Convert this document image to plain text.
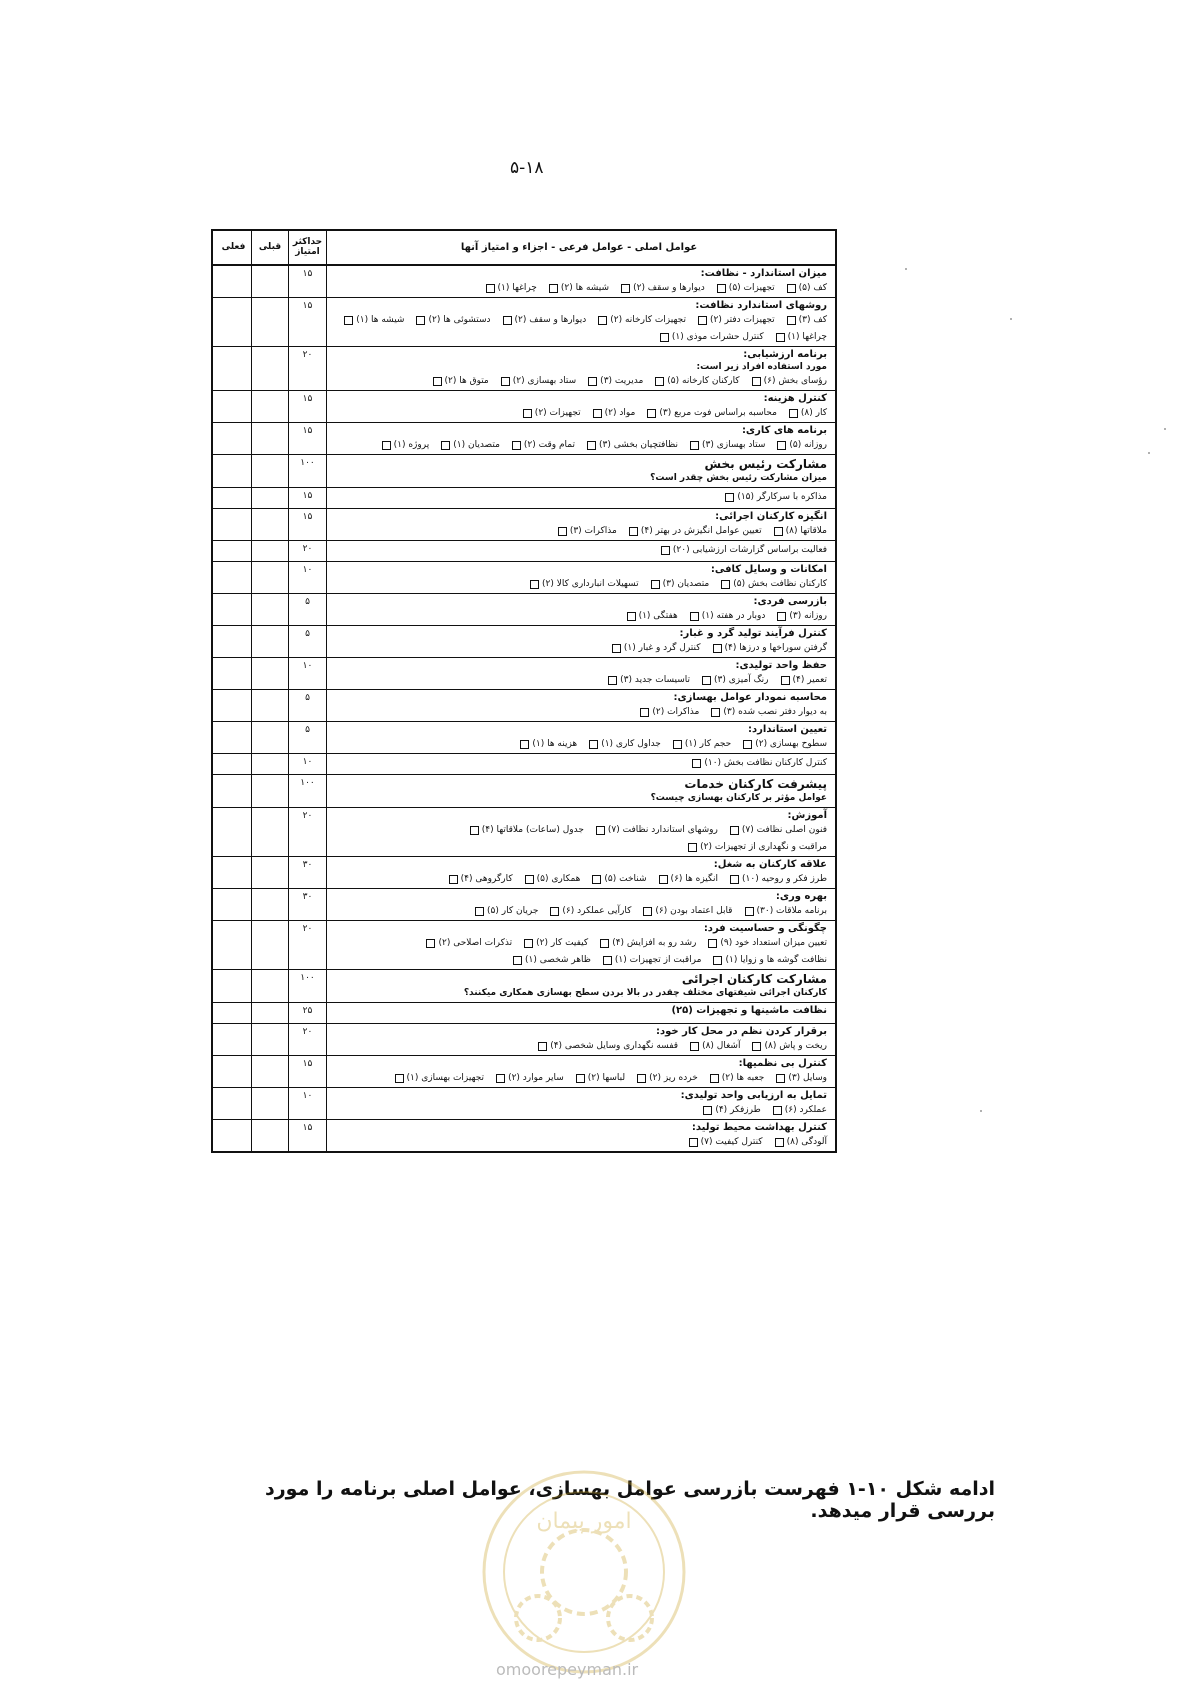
۵-۱۸
عوامل اصلی - عوامل فرعی - اجزاء و امتیاز آنها
حداکثر امتیاز
قبلی
فعلی
میزان استاندارد - نظافت:
کف (۵)
تجهیزات (۵)
دیوارها و سقف (۲)
شیشه ها (۲)
چراغها (۱)
۱۵
روشهای استاندارد نظافت:
کف (۳)
تجهیزات دفتر (۲)
تجهیزات کارخانه (۲)
دیوارها و سقف (۲)
دستشوئی ها (۲)
شیشه ها (۱)
چراغها (۱)
کنترل حشرات موذی (۱)
۱۵
برنامه ارزشیابی:
مورد استفاده افراد زیر است:
رؤسای بخش (۶)
کارکنان کارخانه (۵)
مدیریت (۳)
ستاد بهسازی (۲)
متوق ها (۲)
۲۰
کنترل هزینه:
کار (۸)
محاسبه براساس فوت مربع (۳)
مواد (۲)
تجهیزات (۲)
۱۵
برنامه های کاری:
روزانه (۵)
ستاد بهسازی (۳)
نظافتچیان بخشی (۳)
تمام وقت (۲)
متصدیان (۱)
پروژه (۱)
۱۵
مشارکت رئیس بخش
میزان مشارکت رئیس بخش چقدر است؟
۱۰۰
مذاکره با سرکارگر (۱۵)
۱۵
انگیزه کارکنان اجرائی:
ملاقاتها (۸)
تعیین عوامل انگیزش در بهتر (۴)
مذاکرات (۳)
۱۵
فعالیت براساس گزارشات ارزشیابی (۲۰)
۲۰
امکانات و وسایل کافی:
کارکنان نظافت بخش (۵)
متصدیان (۳)
تسهیلات انبارداری کالا (۲)
۱۰
بازرسی فردی:
روزانه (۳)
دوبار در هفته (۱)
هفتگی (۱)
۵
کنترل فرآیند تولید گرد و غبار:
گرفتن سوراخها و درزها (۴)
کنترل گرد و غبار (۱)
۵
حفظ واحد تولیدی:
تعمیر (۴)
رنگ آمیزی (۳)
تاسیسات جدید (۳)
۱۰
محاسبه نمودار عوامل بهسازی:
به دیوار دفتر نصب شده (۳)
مذاکرات (۲)
۵
تعیین استاندارد:
سطوح بهسازی (۲)
حجم کار (۱)
جداول کاری (۱)
هزینه ها (۱)
۵
کنترل کارکنان نظافت بخش (۱۰)
۱۰
پیشرفت کارکنان خدمات
عوامل مؤثر بر کارکنان بهسازی چیست؟
۱۰۰
آموزش:
فنون اصلی نظافت (۷)
روشهای استاندارد نظافت (۷)
جدول (ساعات) ملاقاتها (۴)
مراقبت و نگهداری از تجهیزات (۲)
۲۰
علاقه کارکنان به شغل:
طرز فکر و روحیه (۱۰)
انگیزه ها (۶)
شناخت (۵)
همکاری (۵)
کارگروهی (۴)
۳۰
بهره وری:
برنامه ملاقات (۳۰)
قابل اعتماد بودن (۶)
کارآیی عملکرد (۶)
جریان کار (۵)
۳۰
چگونگی و حساسیت فرد:
تعیین میزان استعداد خود (۹)
رشد رو به افزایش (۴)
کیفیت کار (۲)
تذکرات اصلاحی (۲)
نظافت گوشه ها و زوایا (۱)
مراقبت از تجهیزات (۱)
ظاهر شخصی (۱)
۲۰
مشارکت کارکنان اجرائی
کارکنان اجرائی شیفتهای مختلف چقدر در بالا بردن سطح بهسازی همکاری میکنند؟
۱۰۰
نظافت ماشینها و تجهیزات (۲۵)
۲۵
برقرار کردن نظم در محل کار خود:
ریخت و پاش (۸)
آشغال (۸)
قفسه نگهداری وسایل شخصی (۴)
۲۰
کنترل بی نظمیها:
وسایل (۳)
جعبه ها (۲)
خرده ریز (۲)
لباسها (۲)
سایر موارد (۲)
تجهیزات بهسازی (۱)
۱۵
تمایل به ارزیابی واحد تولیدی:
عملکرد (۶)
طرزفکر (۴)
۱۰
کنترل بهداشت محیط تولید:
آلودگی (۸)
کنترل کیفیت (۷)
۱۵
ادامه شکل ۱۰-۱ فهرست بازرسی عوامل بهسازی، عوامل اصلی برنامه را مورد بررسی قرار میدهد.
امور پیمان
omoorepeyman.ir
